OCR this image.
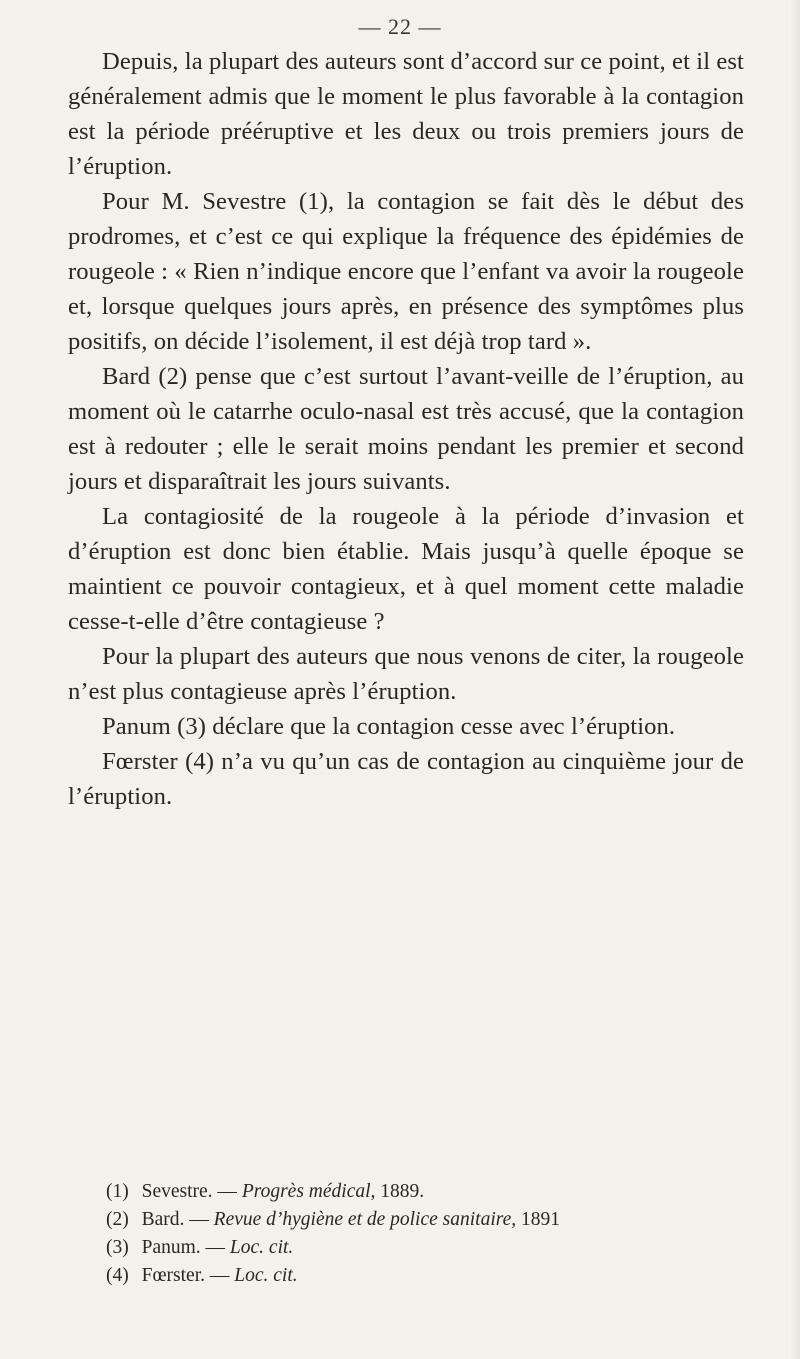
— 22 —

Depuis, la plupart des auteurs sont d’accord sur ce point, et il est généralement admis que le moment le plus favorable à la contagion est la période prééruptive et les deux ou trois premiers jours de l’éruption.

Pour M. Sevestre (1), la contagion se fait dès le début des prodromes, et c’est ce qui explique la fréquence des épidémies de rougeole : « Rien n’indique encore que l’enfant va avoir la rougeole et, lorsque quelques jours après, en présence des symptômes plus positifs, on décide l’isolement, il est déjà trop tard ».

Bard (2) pense que c’est surtout l’avant-veille de l’éruption, au moment où le catarrhe oculo-nasal est très accusé, que la contagion est à redouter ; elle le serait moins pendant les premier et second jours et disparaîtrait les jours suivants.

La contagiosité de la rougeole à la période d’invasion et d’éruption est donc bien établie. Mais jusqu’à quelle époque se maintient ce pouvoir contagieux, et à quel moment cette maladie cesse-t-elle d’être contagieuse ?

Pour la plupart des auteurs que nous venons de citer, la rougeole n’est plus contagieuse après l’éruption.

Panum (3) déclare que la contagion cesse avec l’éruption.

Fœrster (4) n’a vu qu’un cas de contagion au cinquième jour de l’éruption.

(1) Sevestre. — Progrès médical, 1889.

(2) Bard. — Revue d’hygiène et de police sanitaire, 1891

(3) Panum. — Loc. cit.

(4) Fœrster. — Loc. cit.
